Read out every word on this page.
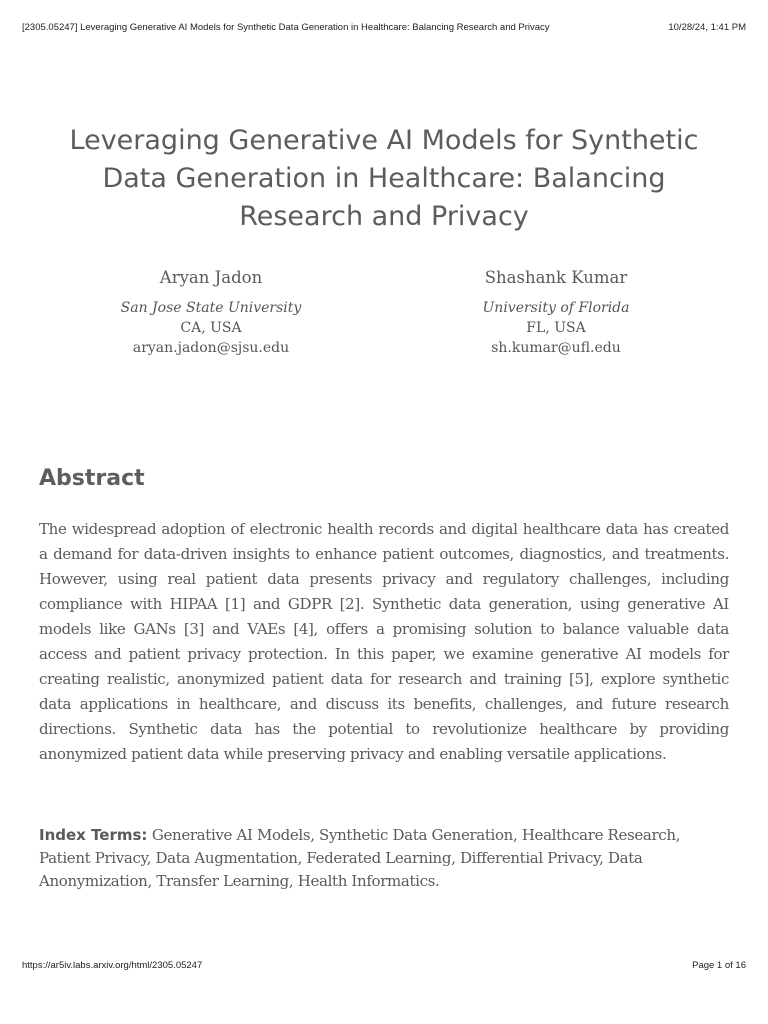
[2305.05247] Leveraging Generative AI Models for Synthetic Data Generation in Healthcare: Balancing Research and Privacy	10/28/24, 1:41 PM
Leveraging Generative AI Models for Synthetic Data Generation in Healthcare: Balancing Research and Privacy
Aryan Jadon
San Jose State University
CA, USA
aryan.jadon@sjsu.edu
Shashank Kumar
University of Florida
FL, USA
sh.kumar@ufl.edu
Abstract

The widespread adoption of electronic health records and digital healthcare data has created a demand for data-driven insights to enhance patient outcomes, diagnostics, and treatments. However, using real patient data presents privacy and regulatory challenges, including compliance with HIPAA [1] and GDPR [2]. Synthetic data generation, using generative AI models like GANs [3] and VAEs [4], offers a promising solution to balance valuable data access and patient privacy protection. In this paper, we examine generative AI models for creating realistic, anonymized patient data for research and training [5], explore synthetic data applications in healthcare, and discuss its benefits, challenges, and future research directions. Synthetic data has the potential to revolutionize healthcare by providing anonymized patient data while preserving privacy and enabling versatile applications.

Index Terms: Generative AI Models, Synthetic Data Generation, Healthcare Research, Patient Privacy, Data Augmentation, Federated Learning, Differential Privacy, Data Anonymization, Transfer Learning, Health Informatics.

https://ar5iv.labs.arxiv.org/html/2305.05247	Page 1 of 16
